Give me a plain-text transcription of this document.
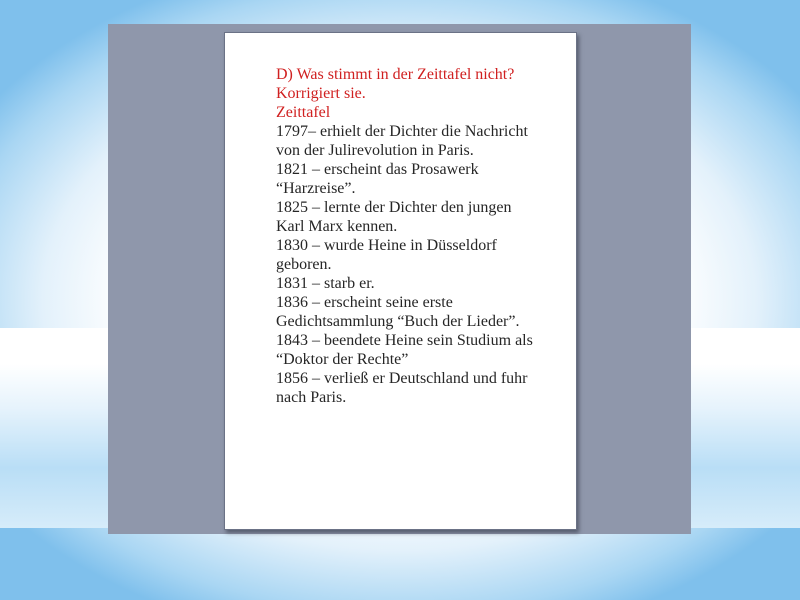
D) Was stimmt in der Zeittafel nicht?
Korrigiert sie.
Zeittafel
1797– erhielt der Dichter die Nachricht
von der Julirevolution in Paris.
1821 – erscheint das Prosawerk
“Harzreise”.
1825 – lernte der Dichter den jungen
Karl Marx kennen.
1830 – wurde Heine in Düsseldorf
geboren.
1831 – starb er.
1836 – erscheint seine erste
Gedichtsammlung “Buch der Lieder”.
1843 – beendete Heine sein Studium als
“Doktor der Rechte”
1856 – verließ er Deutschland und fuhr
nach Paris.
